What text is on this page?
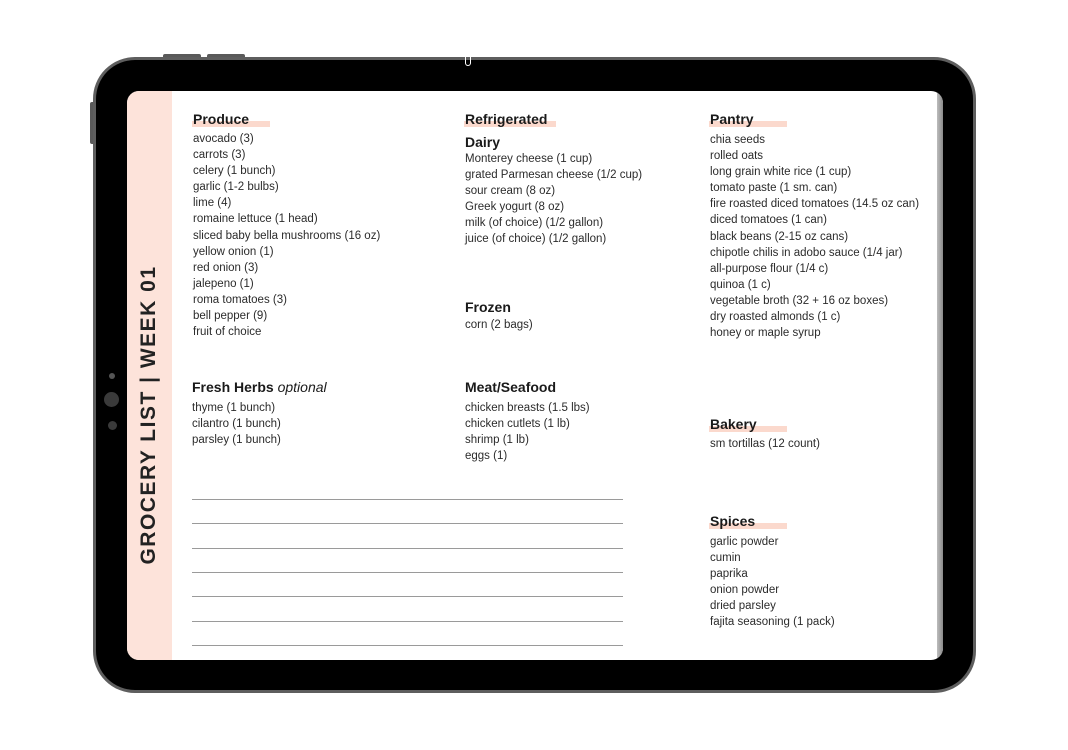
GROCERY LIST | WEEK 01
Produce
avocado (3)
carrots (3)
celery (1 bunch)
garlic (1-2 bulbs)
lime (4)
romaine lettuce (1 head)
sliced baby bella mushrooms (16 oz)
yellow onion (1)
red onion (3)
jalepeno (1)
roma tomatoes (3)
bell pepper (9)
fruit of choice
Fresh Herbs optional
thyme (1 bunch)
cilantro (1 bunch)
parsley (1 bunch)
Refrigerated
Dairy
Monterey cheese (1 cup)
grated Parmesan cheese (1/2 cup)
sour cream (8 oz)
Greek yogurt (8 oz)
milk (of choice) (1/2 gallon)
juice (of choice) (1/2 gallon)
Frozen
corn (2 bags)
Meat/Seafood
chicken breasts (1.5 lbs)
chicken cutlets (1 lb)
shrimp (1 lb)
eggs (1)
Pantry
chia seeds
rolled oats
long grain white rice (1 cup)
tomato paste (1 sm. can)
fire roasted diced tomatoes (14.5 oz can)
diced tomatoes (1 can)
black beans (2-15 oz cans)
chipotle chilis in adobo sauce (1/4 jar)
all-purpose flour (1/4 c)
quinoa (1 c)
vegetable broth (32 + 16 oz boxes)
dry roasted almonds (1 c)
honey or maple syrup
Bakery
sm tortillas (12 count)
Spices
garlic powder
cumin
paprika
onion powder
dried parsley
fajita seasoning (1 pack)
